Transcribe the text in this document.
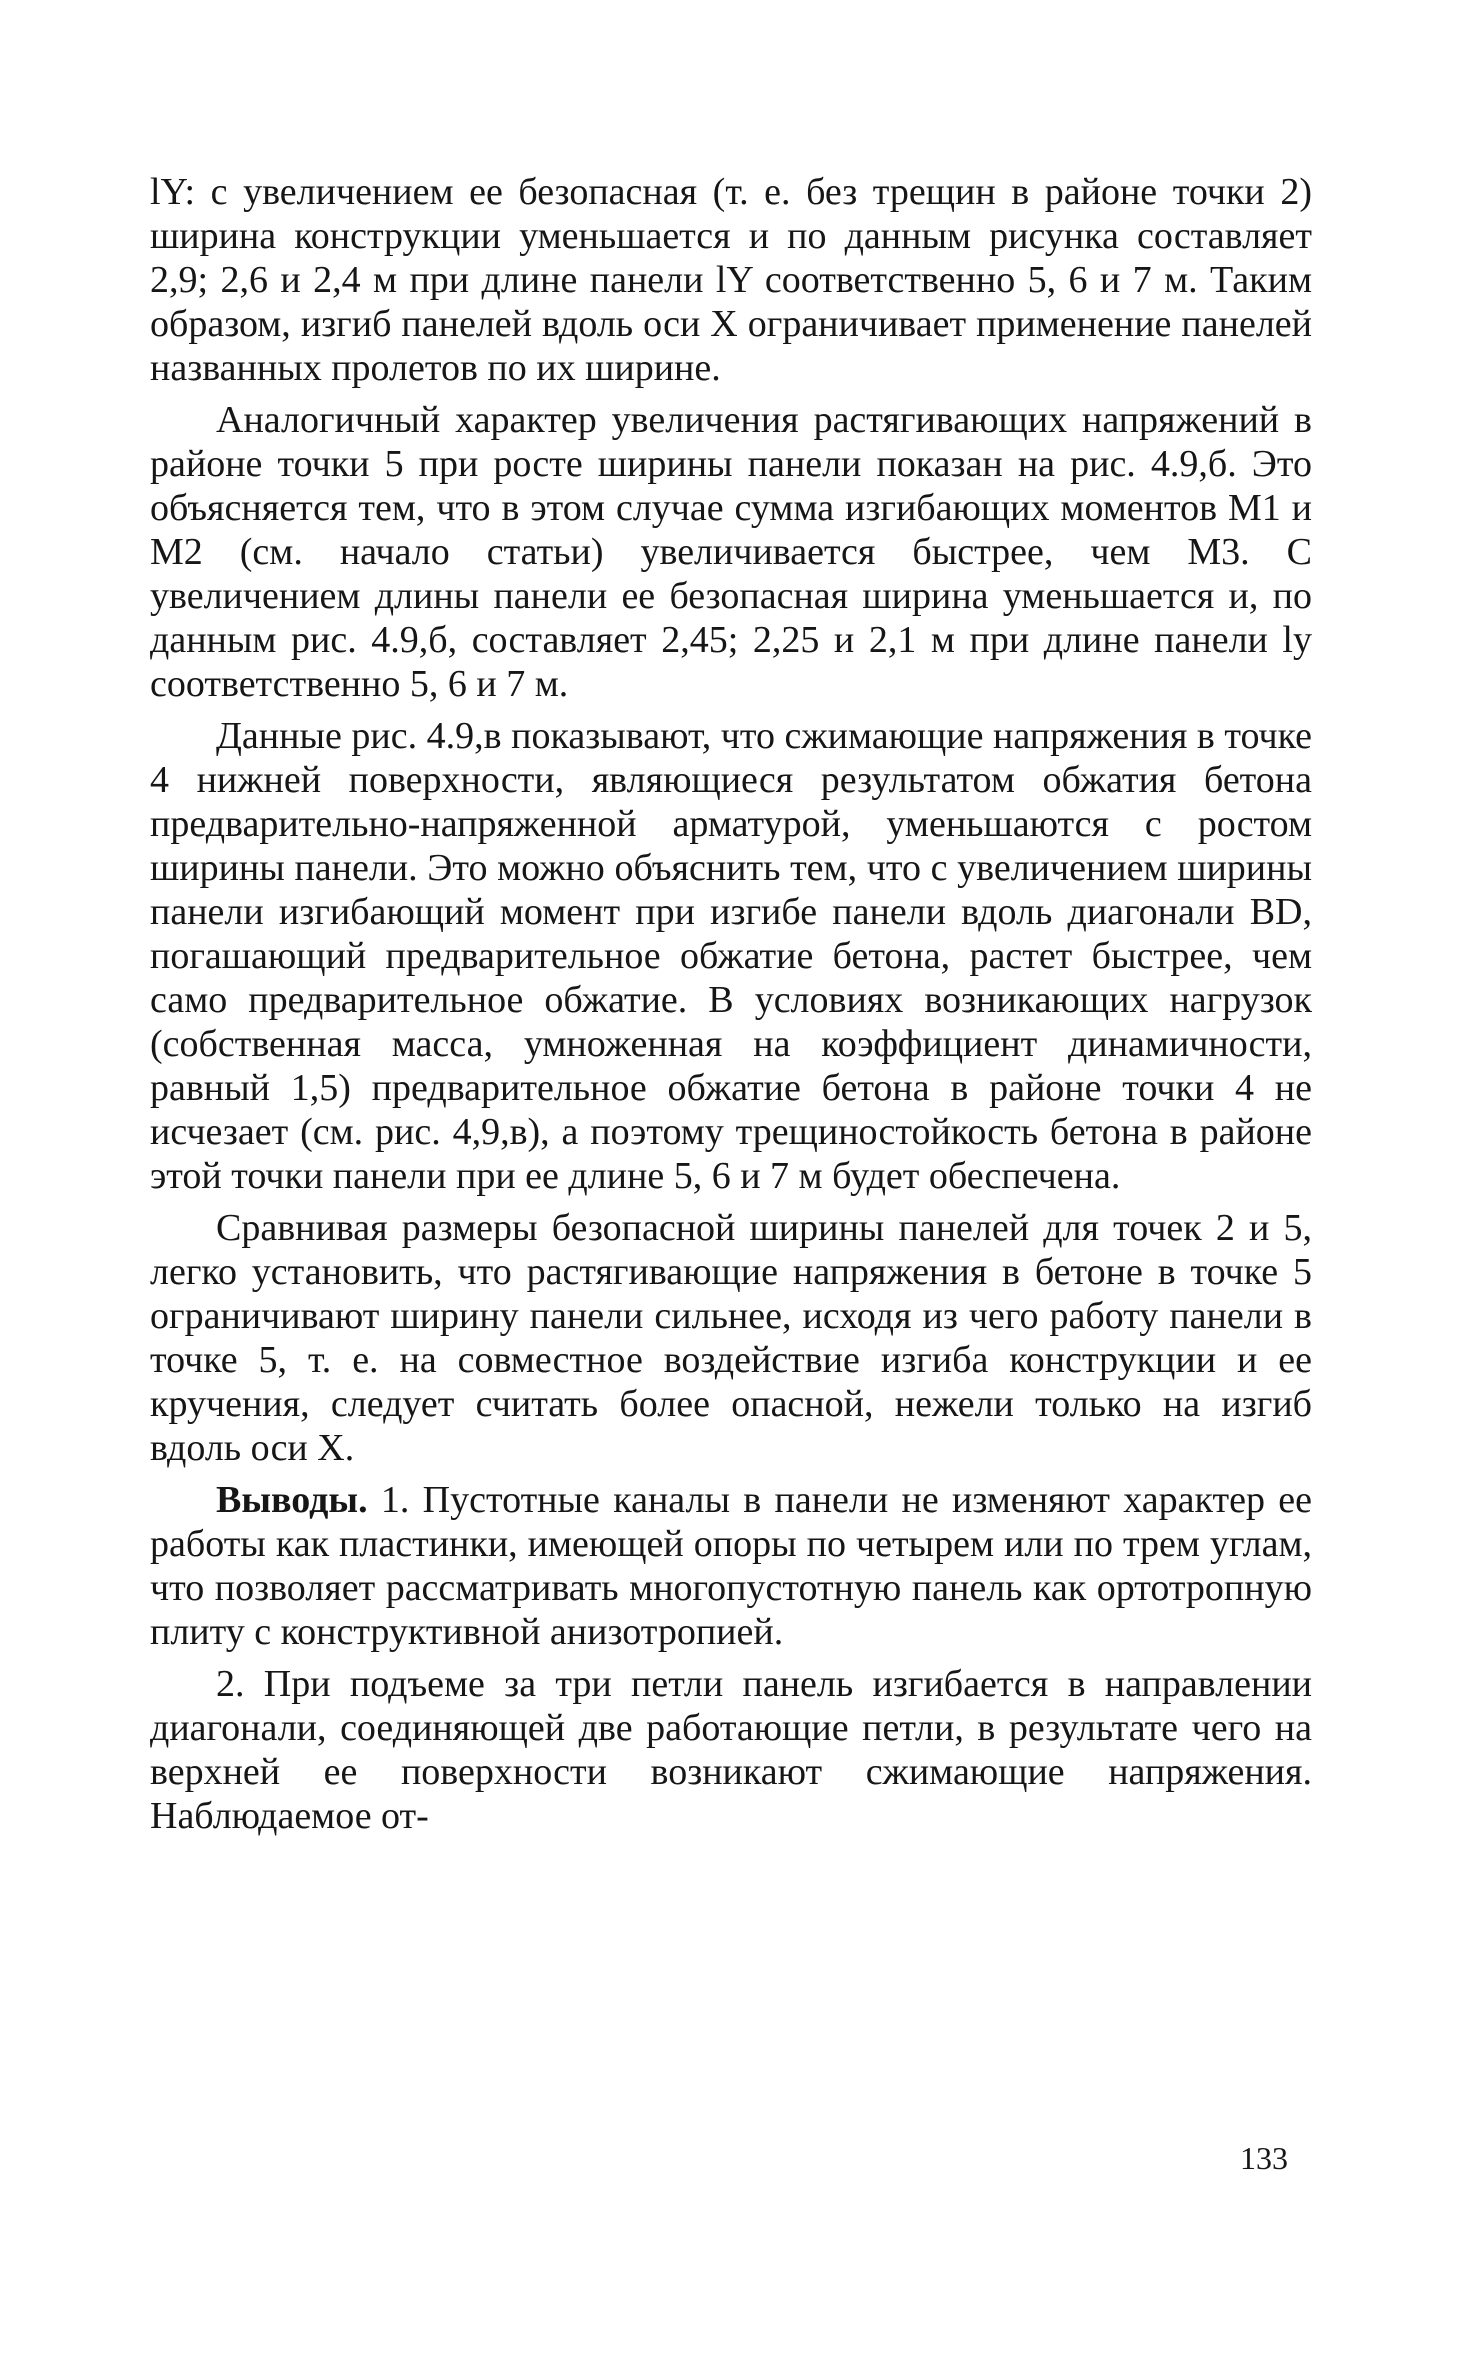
lY: с увеличением ее безопасная (т. е. без трещин в районе точки 2) ширина конструкции уменьшается и по данным рисунка составляет 2,9; 2,6 и 2,4 м при длине панели lY соответственно 5, 6 и 7 м. Таким образом, изгиб панелей вдоль оси X ограничивает применение панелей названных пролетов по их ширине.

Аналогичный характер увеличения растягивающих напряжений в районе точки 5 при росте ширины панели показан на рис. 4.9,б. Это объясняется тем, что в этом случае сумма изгибающих моментов M1 и M2 (см. начало статьи) увеличивается быстрее, чем M3. С увеличением длины панели ее безопасная ширина уменьшается и, по данным рис. 4.9,б, составляет 2,45; 2,25 и 2,1 м при длине панели ly соответственно 5, 6 и 7 м.

Данные рис. 4.9,в показывают, что сжимающие напряжения в точке 4 нижней поверхности, являющиеся результатом обжатия бетона предварительно-напряженной арматурой, уменьшаются с ростом ширины панели. Это можно объяснить тем, что с увеличением ширины панели изгибающий момент при изгибе панели вдоль диагонали BD, погашающий предварительное обжатие бетона, растет быстрее, чем само предварительное обжатие. В условиях возникающих нагрузок (собственная масса, умноженная на коэффициент динамичности, равный 1,5) предварительное обжатие бетона в районе точки 4 не исчезает (см. рис. 4,9,в), а поэтому трещиностойкость бетона в районе этой точки панели при ее длине 5, 6 и 7 м будет обеспечена.

Сравнивая размеры безопасной ширины панелей для точек 2 и 5, легко установить, что растягивающие напряжения в бетоне в точке 5 ограничивают ширину панели сильнее, исходя из чего работу панели в точке 5, т. е. на совместное воздействие изгиба конструкции и ее кручения, следует считать более опасной, нежели только на изгиб вдоль оси X.

Выводы. 1. Пустотные каналы в панели не изменяют характер ее работы как пластинки, имеющей опоры по четырем или по трем углам, что позволяет рассматривать многопустотную панель как ортотропную плиту с конструктивной анизотропией.

2. При подъеме за три петли панель изгибается в направлении диагонали, соединяющей две работающие петли, в результате чего на верхней ее поверхности возникают сжимающие напряжения. Наблюдаемое от-

133
